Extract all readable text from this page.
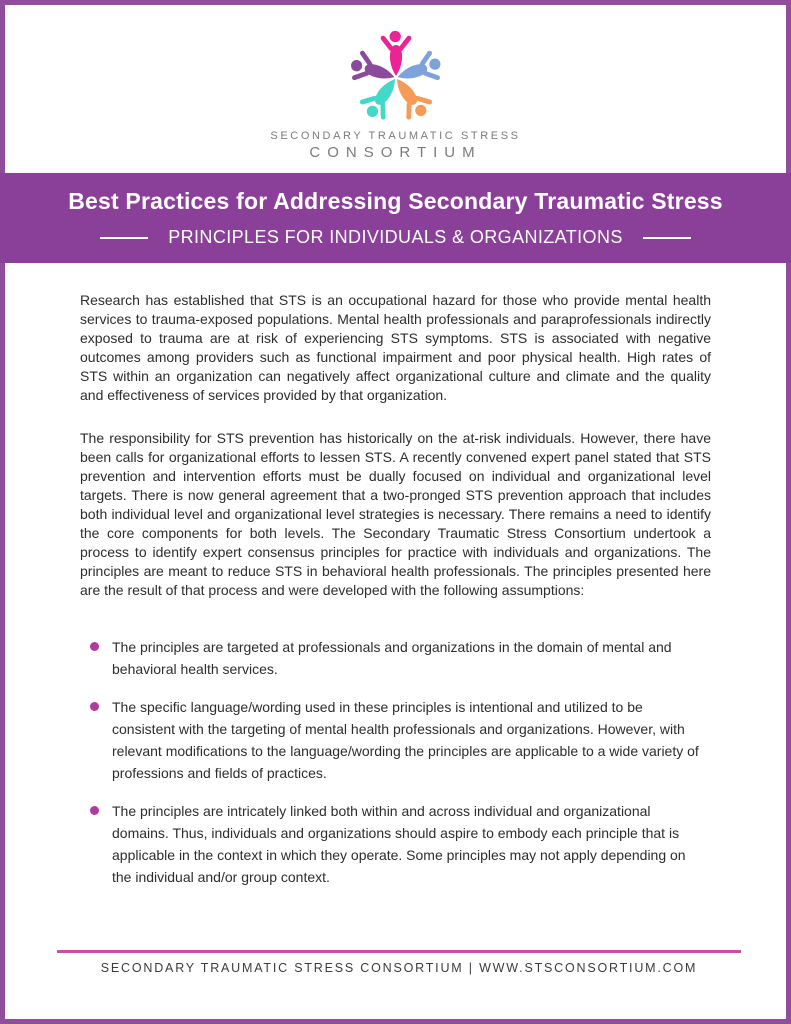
SECONDARY TRAUMATIC STRESS
CONSORTIUM
Best Practices for Addressing Secondary Traumatic Stress
PRINCIPLES FOR INDIVIDUALS & ORGANIZATIONS

Research has established that STS is an occupational hazard for those who provide mental health services to trauma-exposed populations. Mental health professionals and paraprofessionals indirectly exposed to trauma are at risk of experiencing STS symptoms. STS is associated with negative outcomes among providers such as functional impairment and poor physical health. High rates of STS within an organization can negatively affect organizational culture and climate and the quality and effectiveness of services provided by that organization.

The responsibility for STS prevention has historically on the at-risk individuals. However, there have been calls for organizational efforts to lessen STS. A recently convened expert panel stated that STS prevention and intervention efforts must be dually focused on individual and organizational level targets. There is now general agreement that a two-pronged STS prevention approach that includes both individual level and organizational level strategies is necessary. There remains a need to identify the core components for both levels. The Secondary Traumatic Stress Consortium undertook a process to identify expert consensus principles for practice with individuals and organizations. The principles are meant to reduce STS in behavioral health professionals. The principles presented here are the result of that process and were developed with the following assumptions:

The principles are targeted at professionals and organizations in the domain of mental and behavioral health services.
The specific language/wording used in these principles is intentional and utilized to be consistent with the targeting of mental health professionals and organizations. However, with relevant modifications to the language/wording the principles are applicable to a wide variety of professions and fields of practices.
The principles are intricately linked both within and across individual and organizational domains. Thus, individuals and organizations should aspire to embody each principle that is applicable in the context in which they operate. Some principles may not apply depending on the individual and/or group context.
SECONDARY TRAUMATIC STRESS CONSORTIUM | WWW.STSCONSORTIUM.COM
